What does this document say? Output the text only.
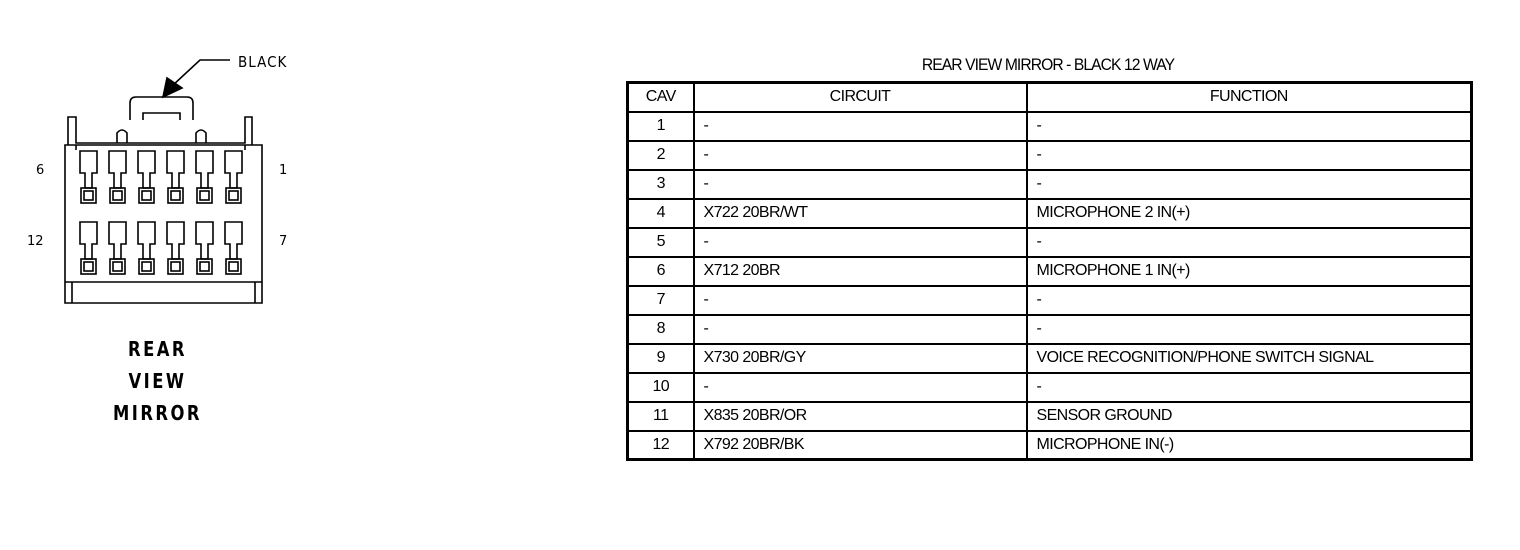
BLACK
6	1
12	7
REAR
VIEW
MIRROR
REAR VIEW MIRROR - BLACK 12 WAY
CAV	CIRCUIT	FUNCTION
1	-	-
2	-	-
3	-	-
4	X722 20BR/WT	MICROPHONE 2 IN(+)
5	-	-
6	X712 20BR	MICROPHONE 1 IN(+)
7	-	-
8	-	-
9	X730 20BR/GY	VOICE RECOGNITION/PHONE SWITCH SIGNAL
10	-	-
11	X835 20BR/OR	SENSOR GROUND
12	X792 20BR/BK	MICROPHONE IN(-)
